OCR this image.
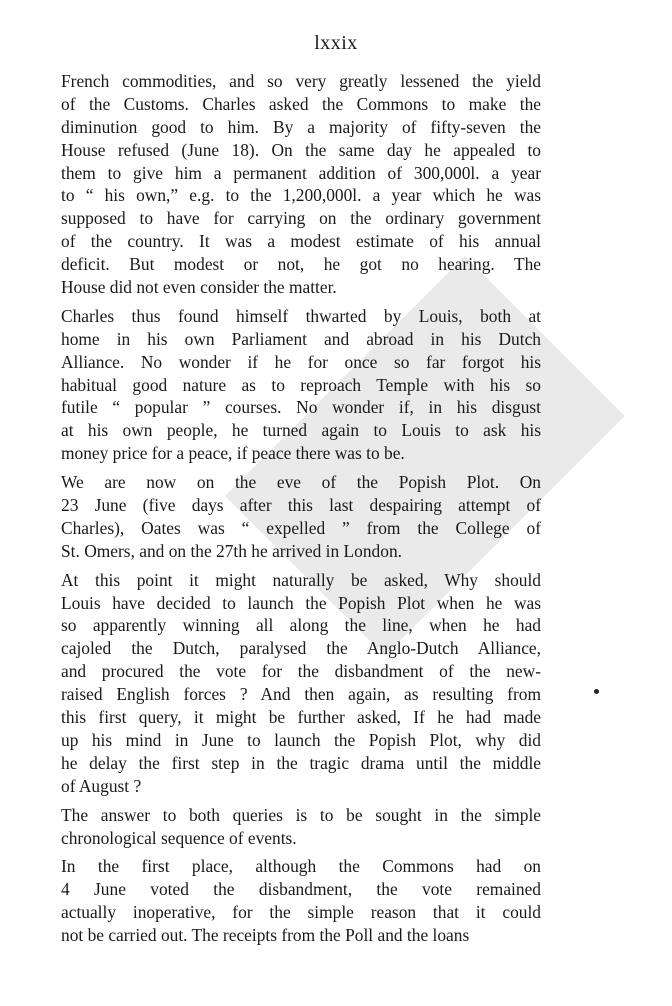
lxxix
French commodities, and so very greatly lessened the yield
of the Customs. Charles asked the Commons to make the
diminution good to him. By a majority of fifty-seven the
House refused (June 18). On the same day he appealed to
them to give him a permanent addition of 300,000l. a year
to “ his own,” e.g. to the 1,200,000l. a year which he was
supposed to have for carrying on the ordinary government
of the country. It was a modest estimate of his annual
deficit. But modest or not, he got no hearing. The
House did not even consider the matter.
Charles thus found himself thwarted by Louis, both at
home in his own Parliament and abroad in his Dutch
Alliance. No wonder if he for once so far forgot his
habitual good nature as to reproach Temple with his so
futile “ popular ” courses. No wonder if, in his disgust
at his own people, he turned again to Louis to ask his
money price for a peace, if peace there was to be.
We are now on the eve of the Popish Plot. On
23 June (five days after this last despairing attempt of
Charles), Oates was “ expelled ” from the College of
St. Omers, and on the 27th he arrived in London.
At this point it might naturally be asked, Why should
Louis have decided to launch the Popish Plot when he was
so apparently winning all along the line, when he had
cajoled the Dutch, paralysed the Anglo-Dutch Alliance,
and procured the vote for the disbandment of the new-
raised English forces ? And then again, as resulting from
this first query, it might be further asked, If he had made
up his mind in June to launch the Popish Plot, why did
he delay the first step in the tragic drama until the middle
of August ?
The answer to both queries is to be sought in the simple
chronological sequence of events.
In the first place, although the Commons had on
4 June voted the disbandment, the vote remained
actually inoperative, for the simple reason that it could
not be carried out. The receipts from the Poll and the loans
